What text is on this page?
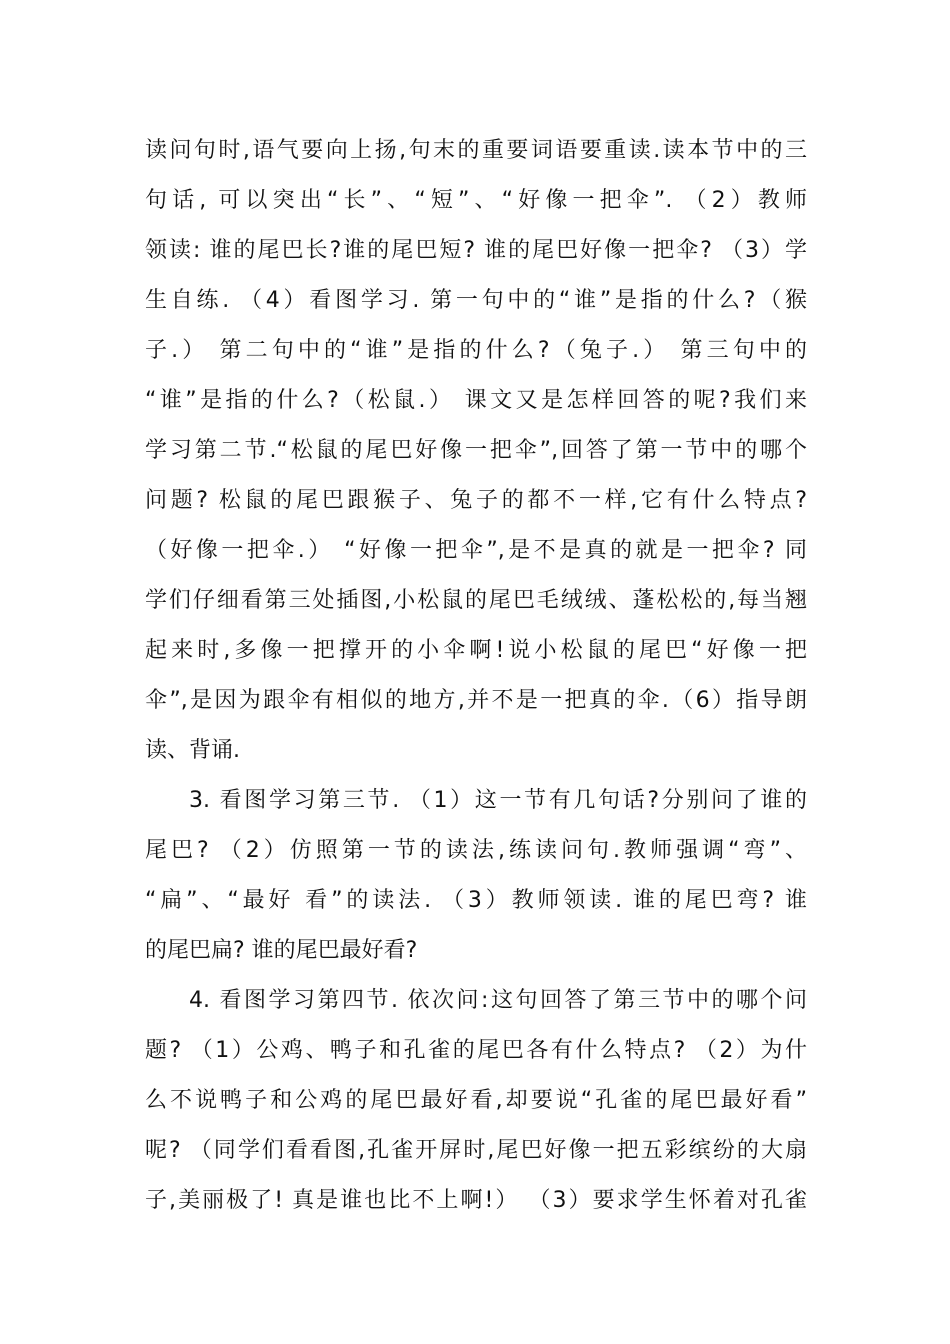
读问句时,语气要向上扬,句末的重要词语要重读.读本节中的三
句话, 可以突出“长”、“短”、“好像一把伞”. （2）教师
领读: 谁的尾巴长?谁的尾巴短? 谁的尾巴好像一把伞? （3）学
生自练. （4）看图学习. 第一句中的“谁”是指的什么?（猴
子.） 第二句中的“谁”是指的什么?（兔子.） 第三句中的
“谁”是指的什么?（松鼠.） 课文又是怎样回答的呢?我们来
学习第二节.“松鼠的尾巴好像一把伞”,回答了第一节中的哪个
问题? 松鼠的尾巴跟猴子、兔子的都不一样,它有什么特点?
（好像一把伞.） “好像一把伞”,是不是真的就是一把伞? 同
学们仔细看第三处插图,小松鼠的尾巴毛绒绒、蓬松松的,每当翘
起来时,多像一把撑开的小伞啊!说小松鼠的尾巴“好像一把
伞”,是因为跟伞有相似的地方,并不是一把真的伞.（6）指导朗
读、背诵.
3. 看图学习第三节. （1）这一节有几句话?分别问了谁的
尾巴? （2）仿照第一节的读法,练读问句.教师强调“弯”、
“扁”、“最好 看”的读法. （3）教师领读. 谁的尾巴弯? 谁
的尾巴扁? 谁的尾巴最好看?
4. 看图学习第四节. 依次问:这句回答了第三节中的哪个问
题? （1）公鸡、鸭子和孔雀的尾巴各有什么特点? （2）为什
么不说鸭子和公鸡的尾巴最好看,却要说“孔雀的尾巴最好看”
呢? （同学们看看图,孔雀开屏时,尾巴好像一把五彩缤纷的大扇
子,美丽极了! 真是谁也比不上啊!） （3）要求学生怀着对孔雀
